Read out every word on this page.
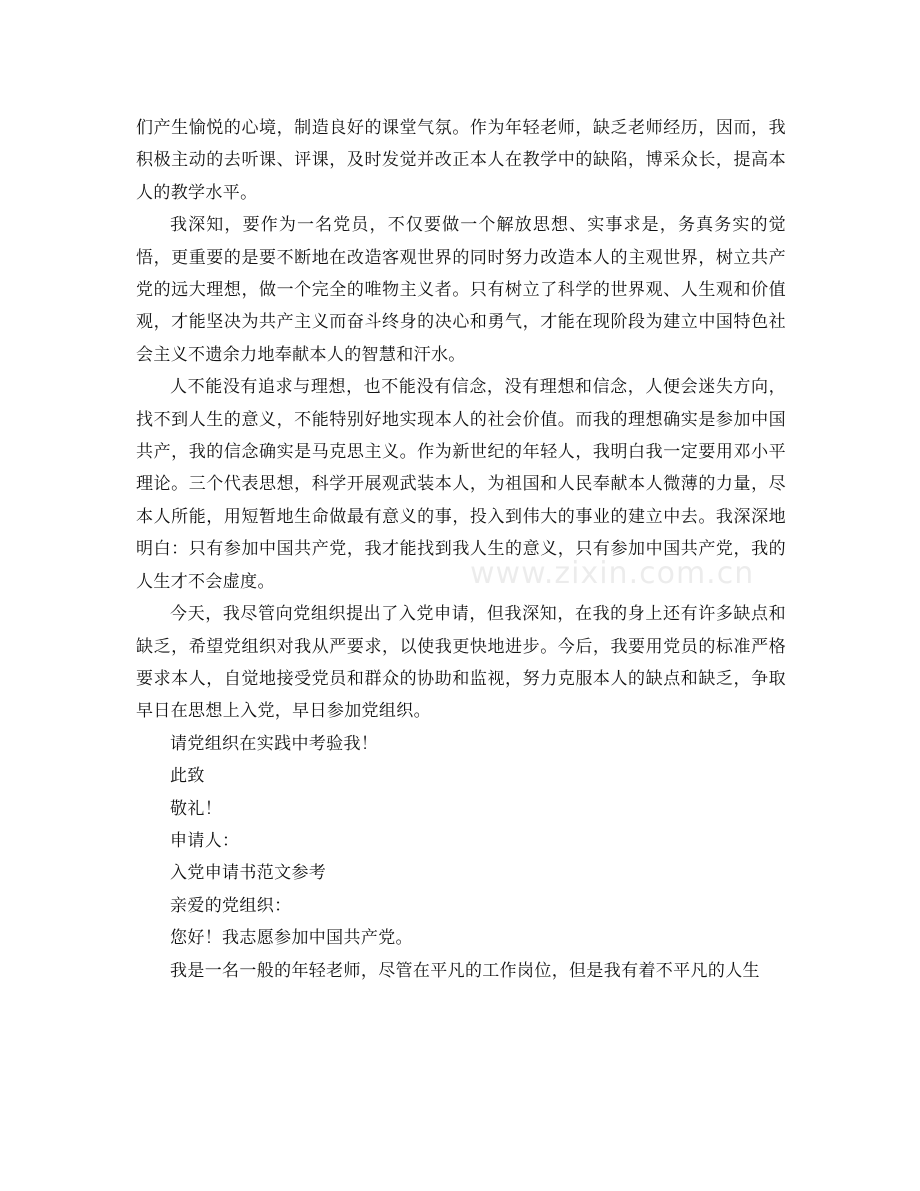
们产生愉悦的心境，制造良好的课堂气氛。作为年轻老师，缺乏老师经历，因而，我积极主动的去听课、评课，及时发觉并改正本人在教学中的缺陷，博采众长，提高本人的教学水平。

我深知，要作为一名党员，不仅要做一个解放思想、实事求是，务真务实的觉悟，更重要的是要不断地在改造客观世界的同时努力改造本人的主观世界，树立共产党的远大理想，做一个完全的唯物主义者。只有树立了科学的世界观、人生观和价值观，才能坚决为共产主义而奋斗终身的决心和勇气，才能在现阶段为建立中国特色社会主义不遗余力地奉献本人的智慧和汗水。

人不能没有追求与理想，也不能没有信念，没有理想和信念，人便会迷失方向，找不到人生的意义，不能特别好地实现本人的社会价值。而我的理想确实是参加中国共产，我的信念确实是马克思主义。作为新世纪的年轻人，我明白我一定要用邓小平理论。三个代表思想，科学开展观武装本人，为祖国和人民奉献本人微薄的力量，尽本人所能，用短暂地生命做最有意义的事，投入到伟大的事业的建立中去。我深深地明白：只有参加中国共产党，我才能找到我人生的意义，只有参加中国共产党，我的人生才不会虚度。

今天，我尽管向党组织提出了入党申请，但我深知，在我的身上还有许多缺点和缺乏，希望党组织对我从严要求，以使我更快地进步。今后，我要用党员的标准严格要求本人，自觉地接受党员和群众的协助和监视，努力克服本人的缺点和缺乏，争取早日在思想上入党，早日参加党组织。

请党组织在实践中考验我！

此致

敬礼！

申请人：

入党申请书范文参考

亲爱的党组织：

您好！我志愿参加中国共产党。

我是一名一般的年轻老师，尽管在平凡的工作岗位，但是我有着不平凡的人生

www.zixin.com.cn
